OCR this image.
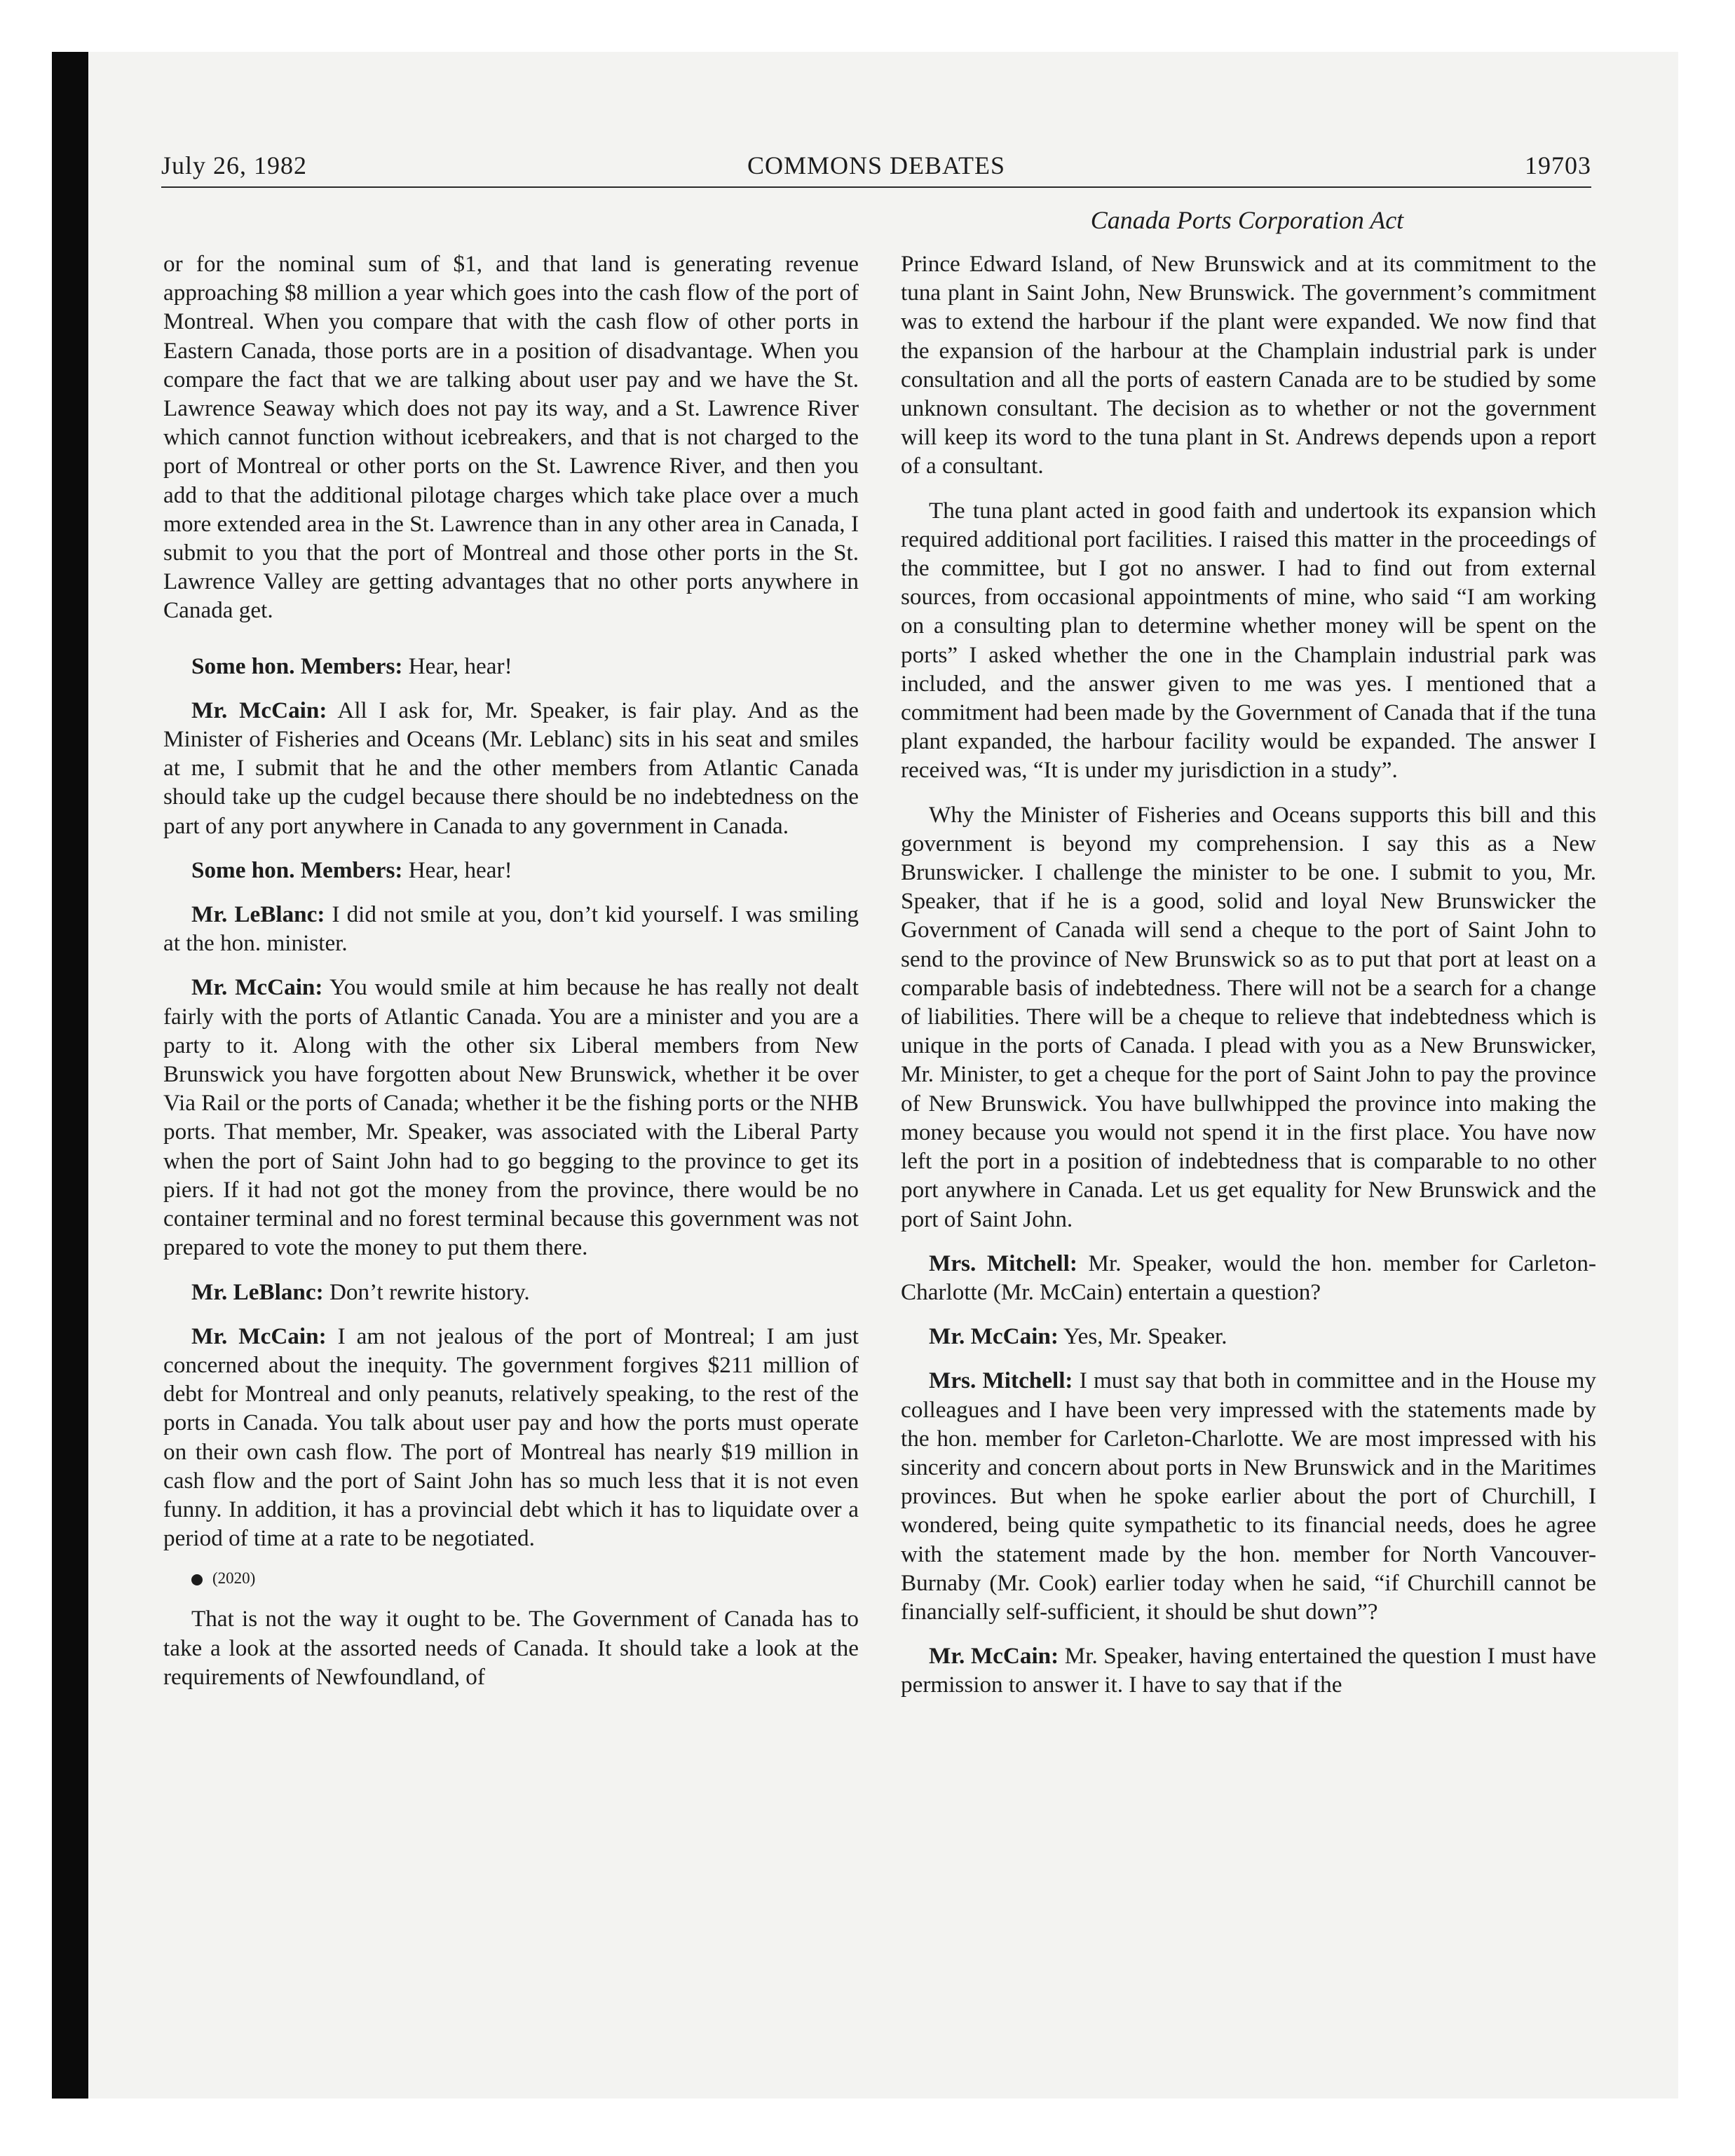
July 26, 1982	COMMONS DEBATES	19703
Canada Ports Corporation Act

or for the nominal sum of $1, and that land is generating revenue approaching $8 million a year which goes into the cash flow of the port of Montreal. When you compare that with the cash flow of other ports in Eastern Canada, those ports are in a position of disadvantage. When you compare the fact that we are talking about user pay and we have the St. Lawrence Seaway which does not pay its way, and a St. Lawrence River which cannot function without icebreakers, and that is not charged to the port of Montreal or other ports on the St. Lawrence River, and then you add to that the additional pilotage charges which take place over a much more extended area in the St. Lawrence than in any other area in Canada, I submit to you that the port of Montreal and those other ports in the St. Lawrence Valley are getting advantages that no other ports anywhere in Canada get.

Some hon. Members: Hear, hear!

Mr. McCain: All I ask for, Mr. Speaker, is fair play. And as the Minister of Fisheries and Oceans (Mr. Leblanc) sits in his seat and smiles at me, I submit that he and the other members from Atlantic Canada should take up the cudgel because there should be no indebtedness on the part of any port anywhere in Canada to any government in Canada.

Some hon. Members: Hear, hear!

Mr. LeBlanc: I did not smile at you, don’t kid yourself. I was smiling at the hon. minister.

Mr. McCain: You would smile at him because he has really not dealt fairly with the ports of Atlantic Canada. You are a minister and you are a party to it. Along with the other six Liberal members from New Brunswick you have forgotten about New Brunswick, whether it be over Via Rail or the ports of Canada; whether it be the fishing ports or the NHB ports. That member, Mr. Speaker, was associated with the Liberal Party when the port of Saint John had to go begging to the province to get its piers. If it had not got the money from the province, there would be no container terminal and no forest terminal because this government was not prepared to vote the money to put them there.

Mr. LeBlanc: Don’t rewrite history.

Mr. McCain: I am not jealous of the port of Montreal; I am just concerned about the inequity. The government forgives $211 million of debt for Montreal and only peanuts, relatively speaking, to the rest of the ports in Canada. You talk about user pay and how the ports must operate on their own cash flow. The port of Montreal has nearly $19 million in cash flow and the port of Saint John has so much less that it is not even funny. In addition, it has a provincial debt which it has to liquidate over a period of time at a rate to be negotiated.

(2020)

That is not the way it ought to be. The Government of Canada has to take a look at the assorted needs of Canada. It should take a look at the requirements of Newfoundland, of

Prince Edward Island, of New Brunswick and at its commitment to the tuna plant in Saint John, New Brunswick. The government’s commitment was to extend the harbour if the plant were expanded. We now find that the expansion of the harbour at the Champlain industrial park is under consultation and all the ports of eastern Canada are to be studied by some unknown consultant. The decision as to whether or not the government will keep its word to the tuna plant in St. Andrews depends upon a report of a consultant.

The tuna plant acted in good faith and undertook its expansion which required additional port facilities. I raised this matter in the proceedings of the committee, but I got no answer. I had to find out from external sources, from occasional appointments of mine, who said “I am working on a consulting plan to determine whether money will be spent on the ports” I asked whether the one in the Champlain industrial park was included, and the answer given to me was yes. I mentioned that a commitment had been made by the Government of Canada that if the tuna plant expanded, the harbour facility would be expanded. The answer I received was, “It is under my jurisdiction in a study”.

Why the Minister of Fisheries and Oceans supports this bill and this government is beyond my comprehension. I say this as a New Brunswicker. I challenge the minister to be one. I submit to you, Mr. Speaker, that if he is a good, solid and loyal New Brunswicker the Government of Canada will send a cheque to the port of Saint John to send to the province of New Brunswick so as to put that port at least on a comparable basis of indebtedness. There will not be a search for a change of liabilities. There will be a cheque to relieve that indebtedness which is unique in the ports of Canada. I plead with you as a New Brunswicker, Mr. Minister, to get a cheque for the port of Saint John to pay the province of New Brunswick. You have bullwhipped the province into making the money because you would not spend it in the first place. You have now left the port in a position of indebtedness that is comparable to no other port anywhere in Canada. Let us get equality for New Brunswick and the port of Saint John.

Mrs. Mitchell: Mr. Speaker, would the hon. member for Carleton-Charlotte (Mr. McCain) entertain a question?

Mr. McCain: Yes, Mr. Speaker.

Mrs. Mitchell: I must say that both in committee and in the House my colleagues and I have been very impressed with the statements made by the hon. member for Carleton-Charlotte. We are most impressed with his sincerity and concern about ports in New Brunswick and in the Maritimes provinces. But when he spoke earlier about the port of Churchill, I wondered, being quite sympathetic to its financial needs, does he agree with the statement made by the hon. member for North Vancouver-Burnaby (Mr. Cook) earlier today when he said, “if Churchill cannot be financially self-sufficient, it should be shut down”?

Mr. McCain: Mr. Speaker, having entertained the question I must have permission to answer it. I have to say that if the
